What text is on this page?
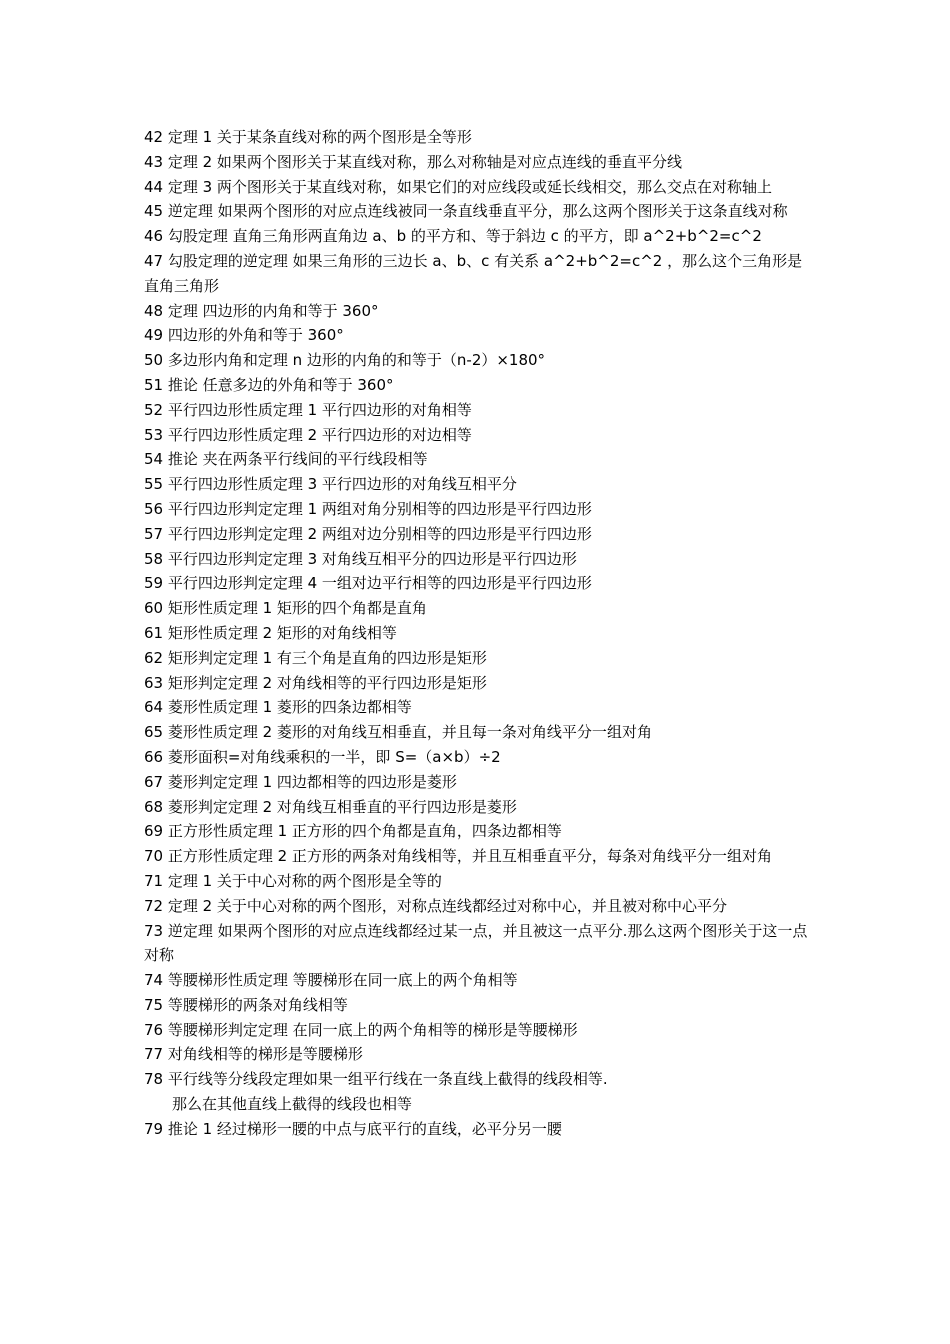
42 定理 1 关于某条直线对称的两个图形是全等形

43 定理 2 如果两个图形关于某直线对称，那么对称轴是对应点连线的垂直平分线

44 定理 3 两个图形关于某直线对称，如果它们的对应线段或延长线相交，那么交点在对称轴上

45 逆定理 如果两个图形的对应点连线被同一条直线垂直平分，那么这两个图形关于这条直线对称

46 勾股定理 直角三角形两直角边 a、b 的平方和、等于斜边 c 的平方，即 a^2+b^2=c^2

47 勾股定理的逆定理 如果三角形的三边长 a、b、c 有关系 a^2+b^2=c^2 ，那么这个三角形是直角三角形

48 定理 四边形的内角和等于 360°

49 四边形的外角和等于 360°

50 多边形内角和定理 n 边形的内角的和等于（n-2）×180°

51 推论 任意多边的外角和等于 360°

52 平行四边形性质定理 1 平行四边形的对角相等

53 平行四边形性质定理 2 平行四边形的对边相等

54 推论 夹在两条平行线间的平行线段相等

55 平行四边形性质定理 3 平行四边形的对角线互相平分

56 平行四边形判定定理 1 两组对角分别相等的四边形是平行四边形

57 平行四边形判定定理 2 两组对边分别相等的四边形是平行四边形

58 平行四边形判定定理 3 对角线互相平分的四边形是平行四边形

59 平行四边形判定定理 4 一组对边平行相等的四边形是平行四边形

60 矩形性质定理 1 矩形的四个角都是直角

61 矩形性质定理 2 矩形的对角线相等

62 矩形判定定理 1 有三个角是直角的四边形是矩形

63 矩形判定定理 2 对角线相等的平行四边形是矩形

64 菱形性质定理 1 菱形的四条边都相等

65 菱形性质定理 2 菱形的对角线互相垂直，并且每一条对角线平分一组对角

66 菱形面积=对角线乘积的一半，即 S=（a×b）÷2

67 菱形判定定理 1 四边都相等的四边形是菱形

68 菱形判定定理 2 对角线互相垂直的平行四边形是菱形

69 正方形性质定理 1 正方形的四个角都是直角，四条边都相等

70 正方形性质定理 2 正方形的两条对角线相等，并且互相垂直平分，每条对角线平分一组对角

71 定理 1 关于中心对称的两个图形是全等的

72 定理 2 关于中心对称的两个图形，对称点连线都经过对称中心，并且被对称中心平分

73 逆定理 如果两个图形的对应点连线都经过某一点，并且被这一点平分.那么这两个图形关于这一点对称

74 等腰梯形性质定理 等腰梯形在同一底上的两个角相等

75 等腰梯形的两条对角线相等

76 等腰梯形判定定理 在同一底上的两个角相等的梯形是等腰梯形

77 对角线相等的梯形是等腰梯形

78 平行线等分线段定理如果一组平行线在一条直线上截得的线段相等.

那么在其他直线上截得的线段也相等

79 推论 1 经过梯形一腰的中点与底平行的直线，必平分另一腰
